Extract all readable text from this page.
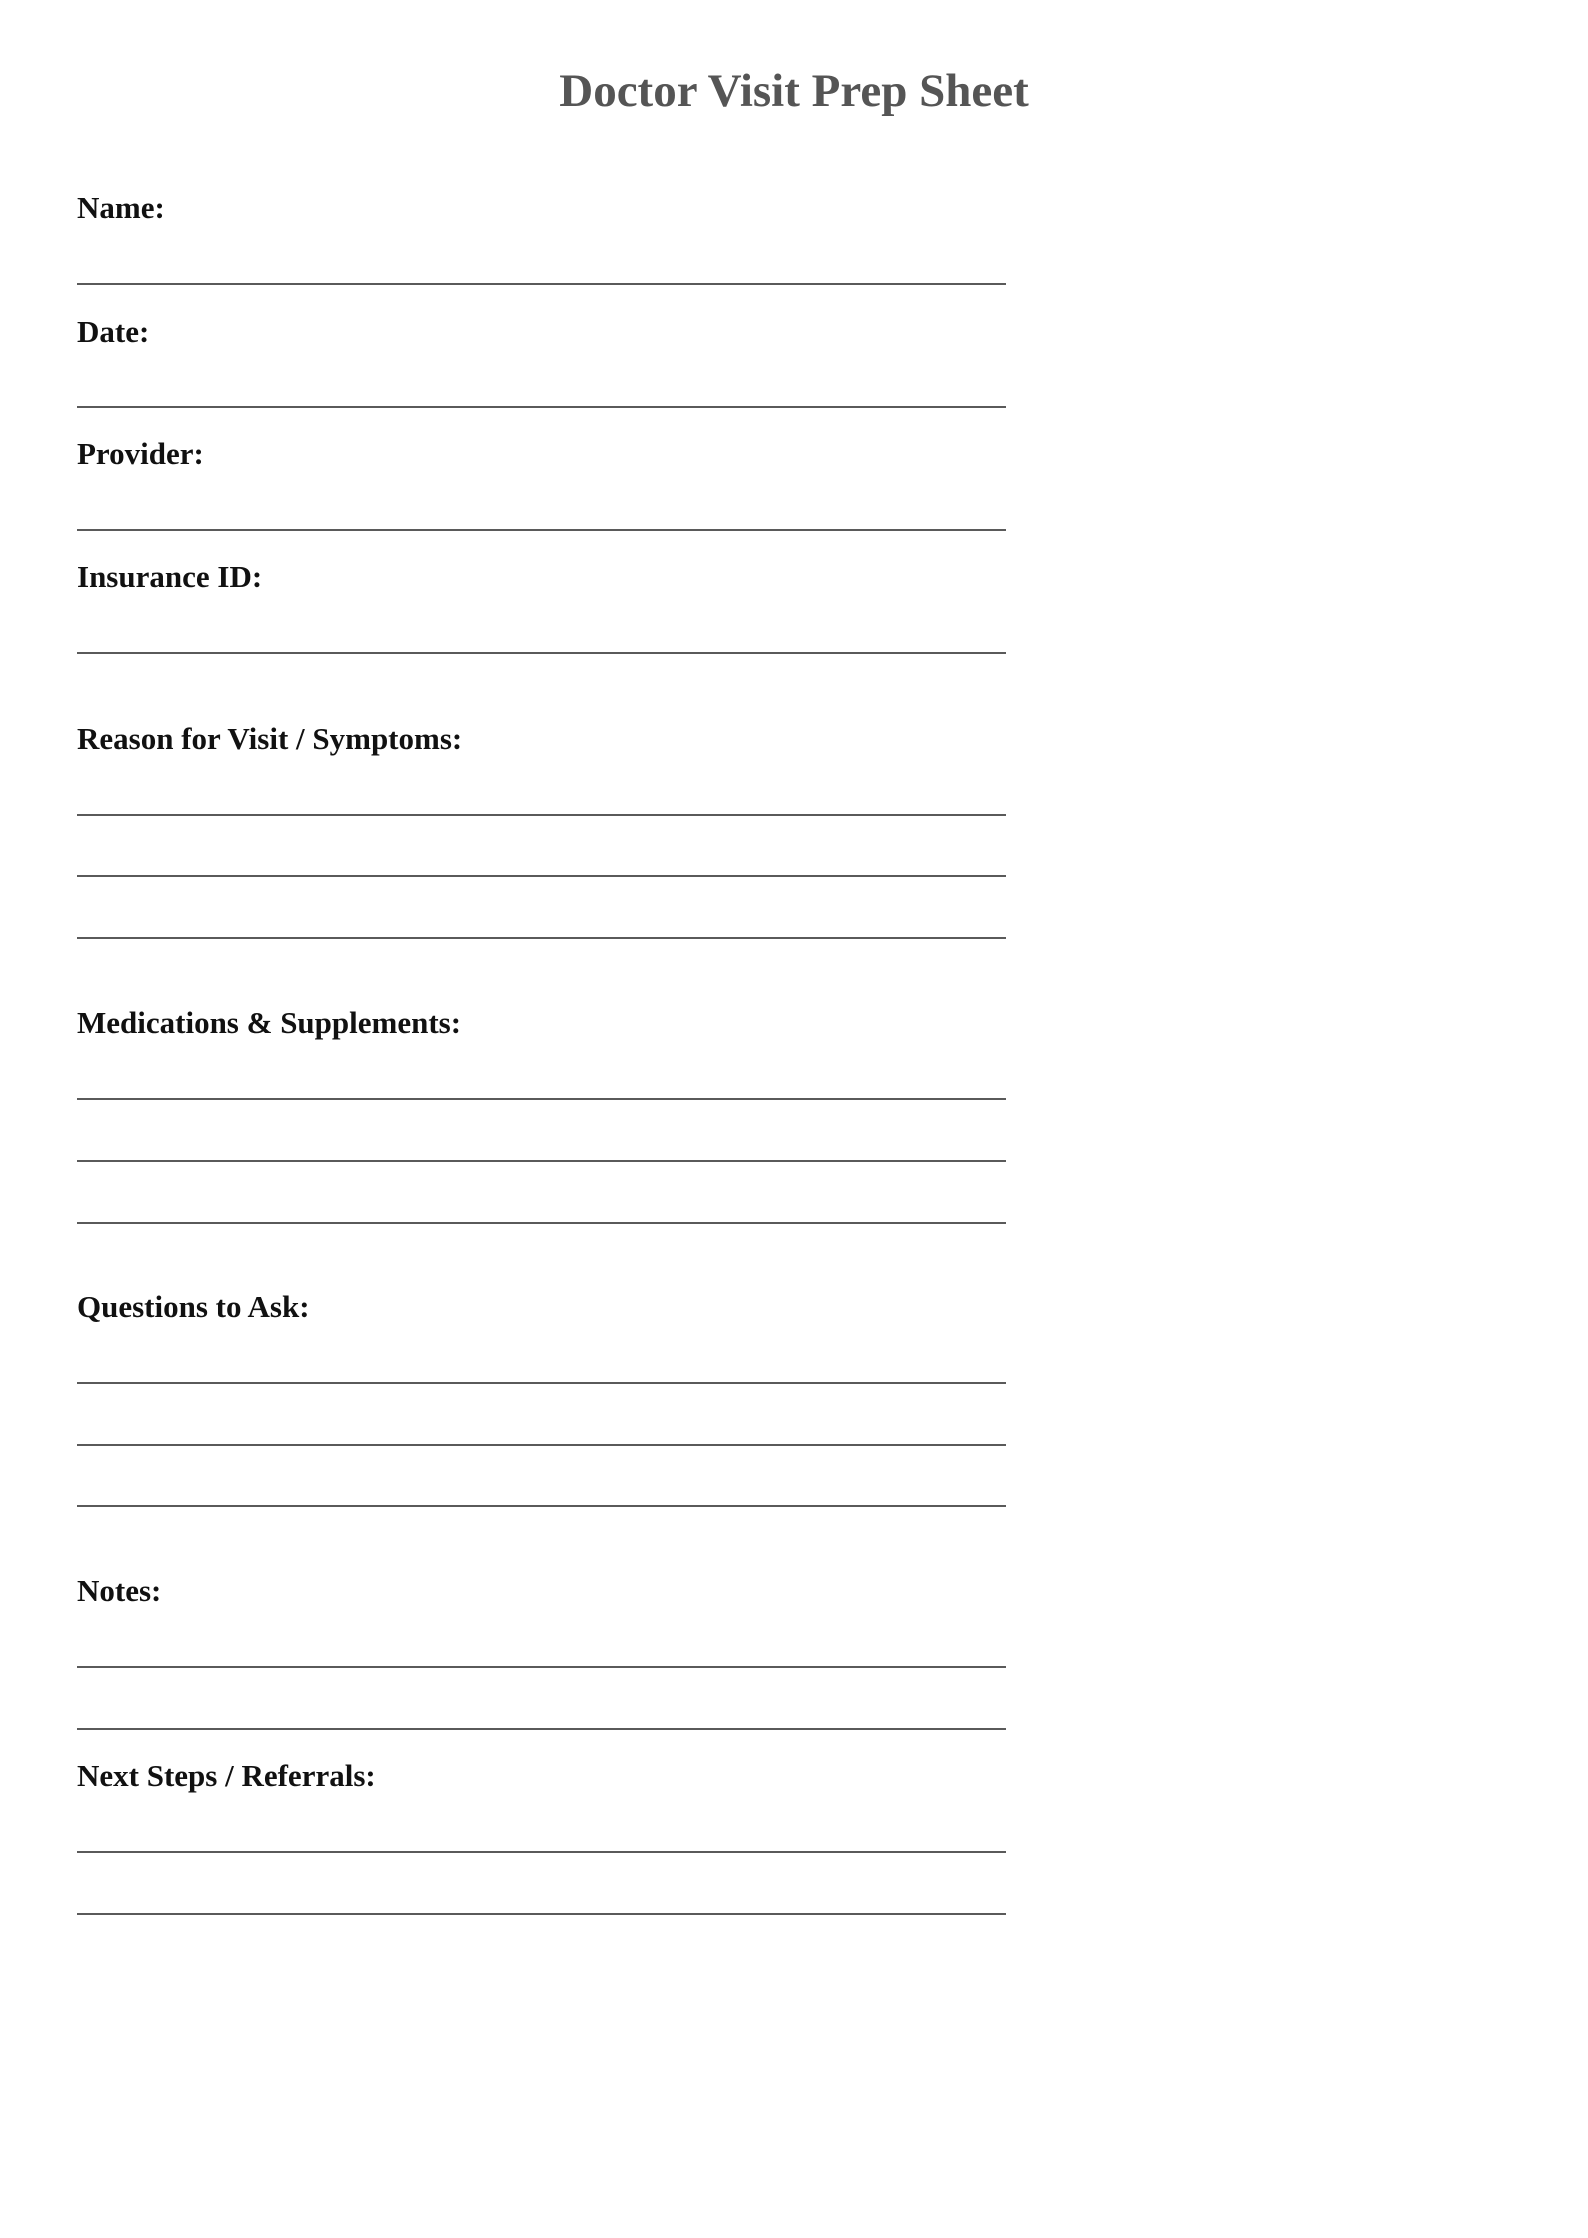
Doctor Visit Prep Sheet
Name:
Date:
Provider:
Insurance ID:
Reason for Visit / Symptoms:
Medications & Supplements:
Questions to Ask:
Notes:
Next Steps / Referrals:
